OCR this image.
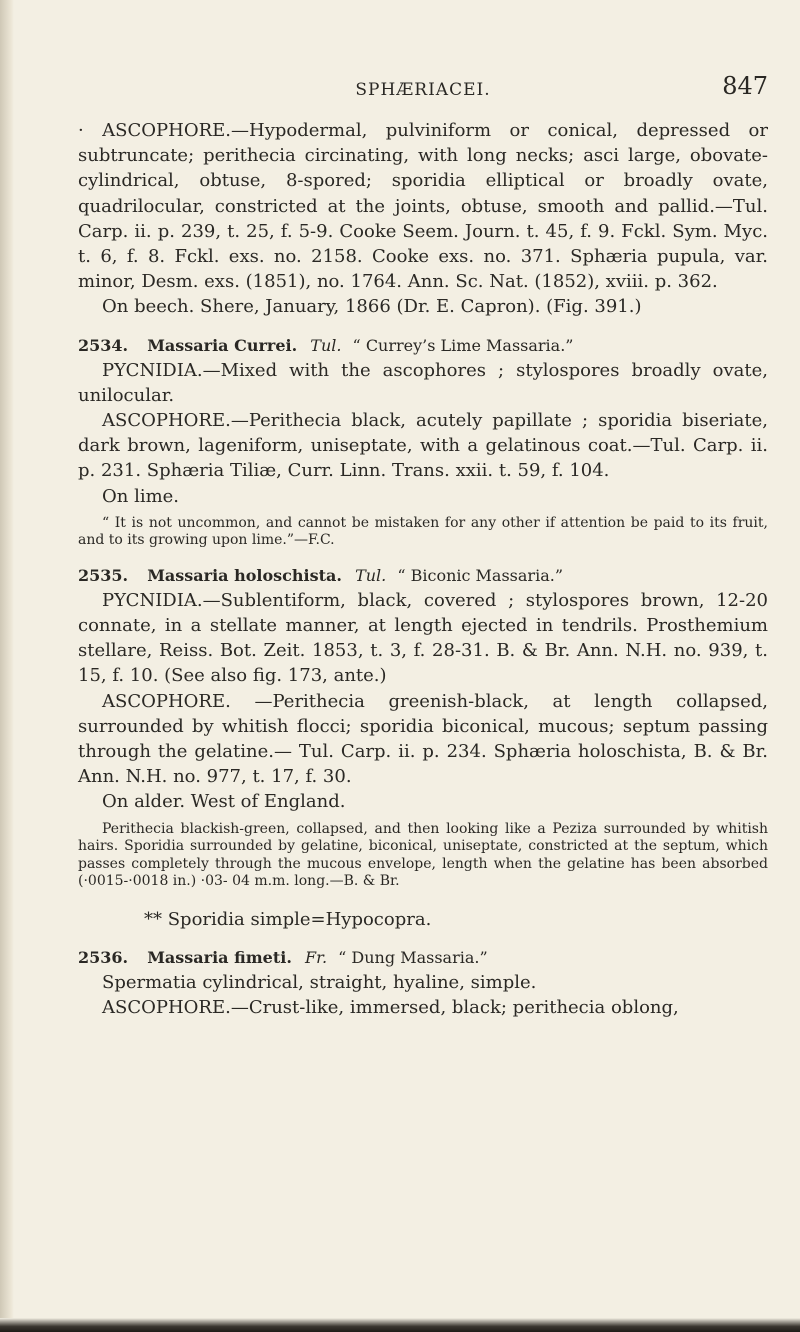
SPHÆRIACEI.	847

· ASCOPHORE.—Hypodermal, pulviniform or conical, depressed or subtruncate; perithecia circinating, with long necks; asci large, obovate-cylindrical, obtuse, 8-spored; sporidia elliptical or broadly ovate, quadrilocular, constricted at the joints, obtuse, smooth and pallid.—Tul. Carp. ii. p. 239, t. 25, f. 5-9. Cooke Seem. Journ. t. 45, f. 9. Fckl. Sym. Myc. t. 6, f. 8. Fckl. exs. no. 2158. Cooke exs. no. 371. Sphæria pupula, var. minor, Desm. exs. (1851), no. 1764. Ann. Sc. Nat. (1852), xviii. p. 362.

On beech. Shere, January, 1866 (Dr. E. Capron). (Fig. 391.)

2534. Massaria Currei. Tul. “ Currey’s Lime Massaria.”

PYCNIDIA.—Mixed with the ascophores ; stylospores broadly ovate, unilocular.

ASCOPHORE.—Perithecia black, acutely papillate ; sporidia biseriate, dark brown, lageniform, uniseptate, with a gelatinous coat.—Tul. Carp. ii. p. 231. Sphæria Tiliæ, Curr. Linn. Trans. xxii. t. 59, f. 104.

On lime.

“ It is not uncommon, and cannot be mistaken for any other if attention be paid to its fruit, and to its growing upon lime.”—F.C.

2535. Massaria holoschista. Tul. “ Biconic Massaria.”

PYCNIDIA.—Sublentiform, black, covered ; stylospores brown, 12-20 connate, in a stellate manner, at length ejected in tendrils. Prosthemium stellare, Reiss. Bot. Zeit. 1853, t. 3, f. 28-31. B. & Br. Ann. N.H. no. 939, t. 15, f. 10. (See also fig. 173, ante.)

ASCOPHORE. —Perithecia greenish-black, at length collapsed, surrounded by whitish flocci; sporidia biconical, mucous; septum passing through the gelatine.— Tul. Carp. ii. p. 234. Sphæria holoschista, B. & Br. Ann. N.H. no. 977, t. 17, f. 30.

On alder. West of England.

Perithecia blackish-green, collapsed, and then looking like a Peziza surrounded by whitish hairs. Sporidia surrounded by gelatine, biconical, uniseptate, constricted at the septum, which passes completely through the mucous envelope, length when the gelatine has been absorbed (·0015-·0018 in.) ·03- 04 m.m. long.—B. & Br.

** Sporidia simple=Hypocopra.

2536. Massaria fimeti. Fr. “ Dung Massaria.”

Spermatia cylindrical, straight, hyaline, simple.

ASCOPHORE.—Crust-like, immersed, black; perithecia oblong,
